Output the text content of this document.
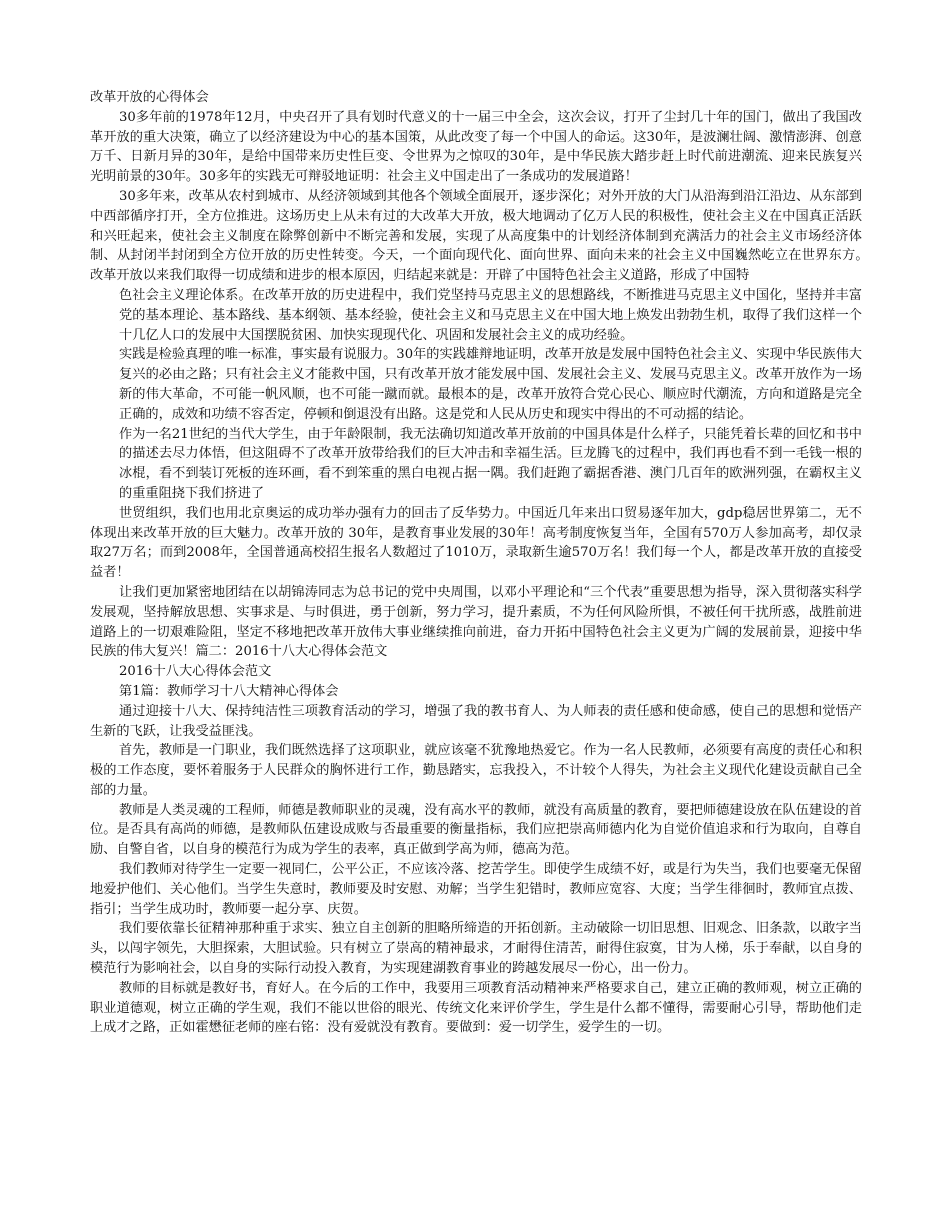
改革开放的心得体会

30多年前的1978年12月，中央召开了具有划时代意义的十一届三中全会，这次会议，打开了尘封几十年的国门，做出了我国改革开放的重大决策，确立了以经济建设为中心的基本国策，从此改变了每一个中国人的命运。这30年，是波澜壮阔、激情澎湃、创意万千、日新月异的30年，是给中国带来历史性巨变、令世界为之惊叹的30年，是中华民族大踏步赶上时代前进潮流、迎来民族复兴光明前景的30年。30多年的实践无可辩驳地证明：社会主义中国走出了一条成功的发展道路！

30多年来，改革从农村到城市、从经济领域到其他各个领域全面展开，逐步深化；对外开放的大门从沿海到沿江沿边、从东部到中西部循序打开，全方位推进。这场历史上从未有过的大改革大开放，极大地调动了亿万人民的积极性，使社会主义在中国真正活跃和兴旺起来，使社会主义制度在除弊创新中不断完善和发展，实现了从高度集中的计划经济体制到充满活力的社会主义市场经济体制、从封闭半封闭到全方位开放的历史性转变。今天，一个面向现代化、面向世界、面向未来的社会主义中国巍然屹立在世界东方。　　　改革开放以来我们取得一切成绩和进步的根本原因，归结起来就是：开辟了中国特色社会主义道路，形成了中国特

色社会主义理论体系。在改革开放的历史进程中，我们党坚持马克思主义的思想路线，不断推进马克思主义中国化，坚持并丰富党的基本理论、基本路线、基本纲领、基本经验，使社会主义和马克思主义在中国大地上焕发出勃勃生机，取得了我们这样一个十几亿人口的发展中大国摆脱贫困、加快实现现代化、巩固和发展社会主义的成功经验。

实践是检验真理的唯一标准，事实最有说服力。30年的实践雄辩地证明，改革开放是发展中国特色社会主义、实现中华民族伟大复兴的必由之路；只有社会主义才能救中国，只有改革开放才能发展中国、发展社会主义、发展马克思主义。改革开放作为一场新的伟大革命，不可能一帆风顺，也不可能一蹴而就。最根本的是，改革开放符合党心民心、顺应时代潮流，方向和道路是完全正确的，成效和功绩不容否定，停顿和倒退没有出路。这是党和人民从历史和现实中得出的不可动摇的结论。

作为一名21世纪的当代大学生，由于年龄限制，我无法确切知道改革开放前的中国具体是什么样子，只能凭着长辈的回忆和书中的描述去尽力体悟，但这阻碍不了改革开放带给我们的巨大冲击和幸福生活。巨龙腾飞的过程中，我们再也看不到一毛钱一根的冰棍，看不到装订死板的连环画，看不到笨重的黑白电视占据一隅。我们赶跑了霸据香港、澳门几百年的欧洲列强，在霸权主义的重重阻挠下我们挤进了

世贸组织，我们也用北京奥运的成功举办强有力的回击了反华势力。中国近几年来出口贸易逐年加大，gdp稳居世界第二，无不体现出来改革开放的巨大魅力。改革开放的 30年，是教育事业发展的30年！高考制度恢复当年，全国有570万人参加高考，却仅录取27万名；而到2008年，全国普通高校招生报名人数超过了1010万，录取新生逾570万名！我们每一个人，都是改革开放的直接受益者！

让我们更加紧密地团结在以胡锦涛同志为总书记的党中央周围，以邓小平理论和“三个代表”重要思想为指导，深入贯彻落实科学发展观，坚持解放思想、实事求是、与时俱进，勇于创新，努力学习，提升素质，不为任何风险所惧，不被任何干扰所惑，战胜前进道路上的一切艰难险阻，坚定不移地把改革开放伟大事业继续推向前进，奋力开拓中国特色社会主义更为广阔的发展前景，迎接中华民族的伟大复兴！篇二：2016十八大心得体会范文

2016十八大心得体会范文

第1篇：教师学习十八大精神心得体会

通过迎接十八大、保持纯洁性三项教育活动的学习，增强了我的教书育人、为人师表的责任感和使命感，使自己的思想和觉悟产生新的飞跃，让我受益匪浅。

首先，教师是一门职业，我们既然选择了这项职业，就应该毫不犹豫地热爱它。作为一名人民教师，必须要有高度的责任心和积极的工作态度，要怀着服务于人民群众的胸怀进行工作，勤恳踏实，忘我投入，不计较个人得失，为社会主义现代化建设贡献自己全部的力量。

教师是人类灵魂的工程师，师德是教师职业的灵魂，没有高水平的教师，就没有高质量的教育，要把师德建设放在队伍建设的首位。是否具有高尚的师德，是教师队伍建设成败与否最重要的衡量指标，我们应把崇高师德内化为自觉价值追求和行为取向，自尊自励、自警自省，以自身的模范行为成为学生的表率，真正做到学高为师，德高为范。

我们教师对待学生一定要一视同仁，公平公正，不应该冷落、挖苦学生。即使学生成绩不好，或是行为失当，我们也要毫无保留地爱护他们、关心他们。当学生失意时，教师要及时安慰、劝解；当学生犯错时，教师应宽容、大度；当学生徘徊时，教师宜点拨、指引；当学生成功时，教师要一起分享、庆贺。

我们要依靠长征精神那种重于求实、独立自主创新的胆略所缔造的开拓创新。主动破除一切旧思想、旧观念、旧条款，以敢字当头，以闯字领先，大胆探索，大胆试验。只有树立了崇高的精神最求，才耐得住清苦，耐得住寂寞，甘为人梯，乐于奉献，以自身的模范行为影响社会，以自身的实际行动投入教育，为实现建湖教育事业的跨越发展尽一份心，出一份力。

教师的目标就是教好书，育好人。在今后的工作中，我要用三项教育活动精神来严格要求自己，建立正确的教师观，树立正确的职业道德观，树立正确的学生观，我们不能以世俗的眼光、传统文化来评价学生，学生是什么都不懂得，需要耐心引导，帮助他们走上成才之路，正如霍懋征老师的座右铭：没有爱就没有教育。要做到：爱一切学生，爱学生的一切。
